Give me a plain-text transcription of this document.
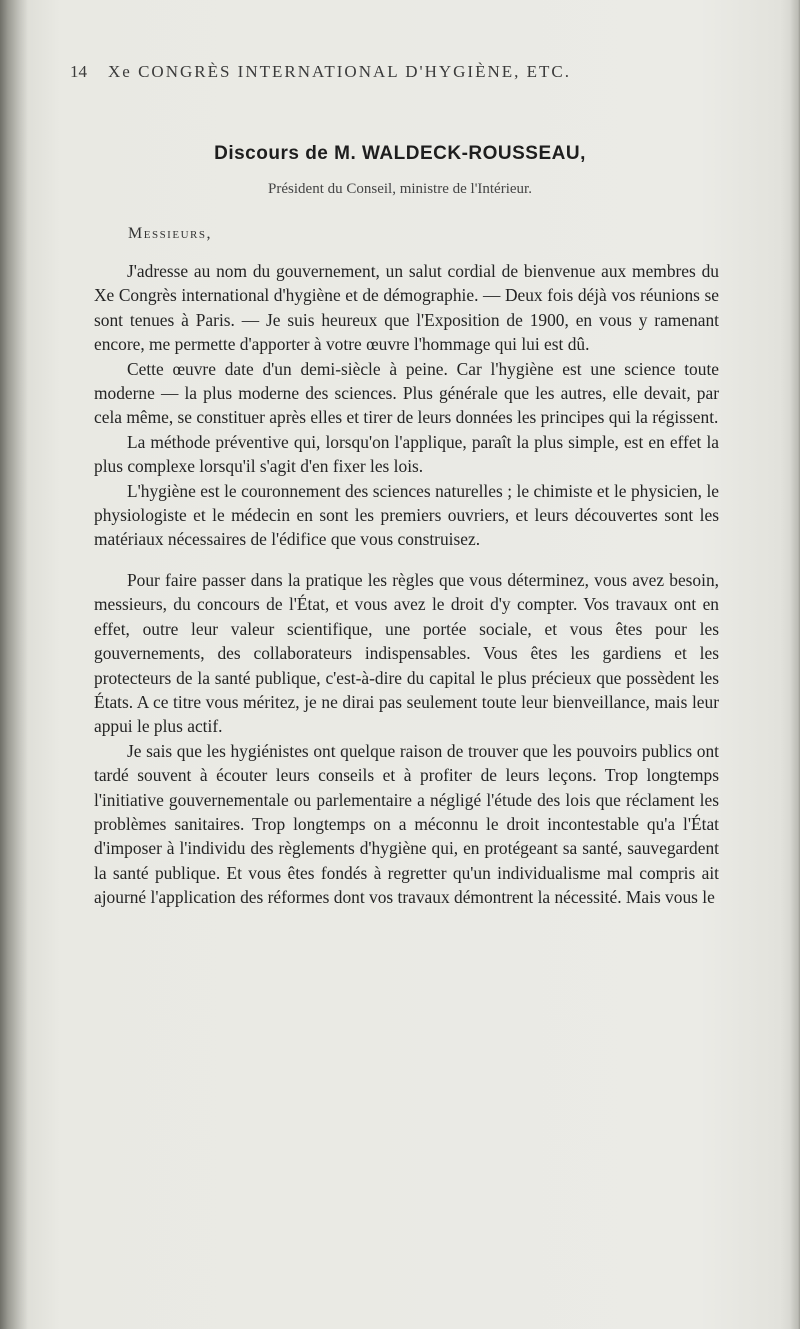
14 Xe CONGRÈS INTERNATIONAL D'HYGIÈNE, ETC.
Discours de M. WALDECK-ROUSSEAU,
Président du Conseil, ministre de l'Intérieur.
Messieurs,

J'adresse au nom du gouvernement, un salut cordial de bienvenue aux membres du Xe Congrès international d'hygiène et de démographie. — Deux fois déjà vos réunions se sont tenues à Paris. — Je suis heureux que l'Exposition de 1900, en vous y ramenant encore, me permette d'apporter à votre œuvre l'hommage qui lui est dû.

Cette œuvre date d'un demi-siècle à peine. Car l'hygiène est une science toute moderne — la plus moderne des sciences. Plus générale que les autres, elle devait, par cela même, se constituer après elles et tirer de leurs données les principes qui la régissent.

La méthode préventive qui, lorsqu'on l'applique, paraît la plus simple, est en effet la plus complexe lorsqu'il s'agit d'en fixer les lois.

L'hygiène est le couronnement des sciences naturelles ; le chimiste et le physicien, le physiologiste et le médecin en sont les premiers ouvriers, et leurs découvertes sont les matériaux nécessaires de l'édifice que vous construisez.

Pour faire passer dans la pratique les règles que vous déterminez, vous avez besoin, messieurs, du concours de l'État, et vous avez le droit d'y compter. Vos travaux ont en effet, outre leur valeur scientifique, une portée sociale, et vous êtes pour les gouvernements, des collaborateurs indispensables. Vous êtes les gardiens et les protecteurs de la santé publique, c'est-à-dire du capital le plus précieux que possèdent les États. A ce titre vous méritez, je ne dirai pas seulement toute leur bienveillance, mais leur appui le plus actif.

Je sais que les hygiénistes ont quelque raison de trouver que les pouvoirs publics ont tardé souvent à écouter leurs conseils et à profiter de leurs leçons. Trop longtemps l'initiative gouvernementale ou parlementaire a négligé l'étude des lois que réclament les problèmes sanitaires. Trop longtemps on a méconnu le droit incontestable qu'a l'État d'imposer à l'individu des règlements d'hygiène qui, en protégeant sa santé, sauvegardent la santé publique. Et vous êtes fondés à regretter qu'un individualisme mal compris ait ajourné l'application des réformes dont vos travaux démontrent la nécessité. Mais vous le
